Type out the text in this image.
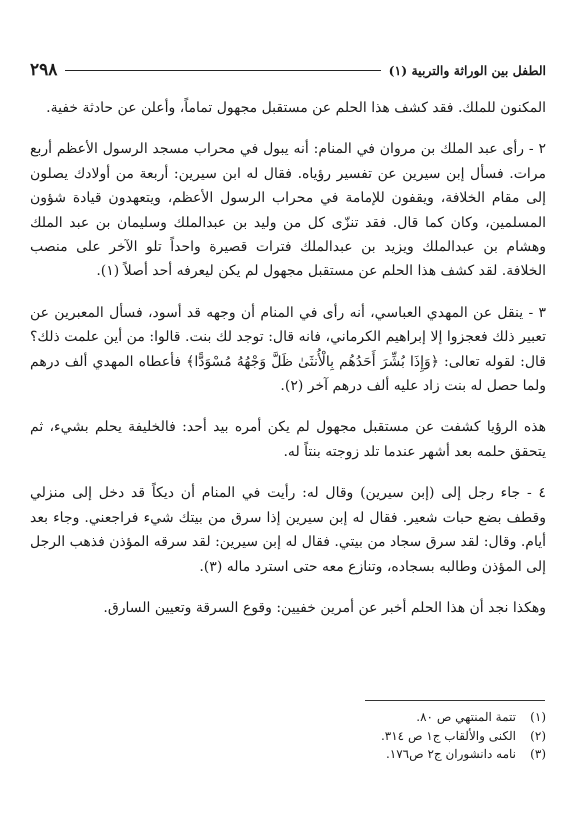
٢٩٨	الطفل بين الوراثة والتربية (١)

المكنون للملك. فقد كشف هذا الحلم عن مستقبل مجهول تماماً، وأعلن عن حادثة خفية.

٢ - رأى عبد الملك بن مروان في المنام: أنه يبول في محراب مسجد الرسول الأعظم أربع مرات. فسأل إبن سيرين عن تفسير رؤياه. فقال له ابن سيرين: أربعة من أولادك يصلون إلى مقام الخلافة، ويقفون للإمامة في محراب الرسول الأعظم، ويتعهدون قيادة شؤون المسلمين، وكان كما قال. فقد تنزّى كل من وليد بن عبدالملك وسليمان بن عبد الملك وهشام بن عبدالملك ويزيد بن عبدالملك فترات قصيرة واحداً تلو الآخر على منصب الخلافة. لقد كشف هذا الحلم عن مستقبل مجهول لم يكن ليعرفه أحد أصلاً (١).

٣ - ينقل عن المهدي العباسي، أنه رأى في المنام أن وجهه قد أسود، فسأل المعبرين عن تعبير ذلك فعجزوا إلا إبراهيم الكرماني، فانه قال: توجد لك بنت. قالوا: من أين علمت ذلك؟ قال: لقوله تعالى: ﴿وَإِذَا بُشِّرَ أَحَدُهُم بِالْأُنثَىٰ ظَلَّ وَجْهُهُ مُسْوَدًّا﴾ فأعطاه المهدي ألف درهم ولما حصل له بنت زاد عليه ألف درهم آخر (٢).

هذه الرؤيا كشفت عن مستقبل مجهول لم يكن أمره بيد أحد: فالخليفة يحلم بشيء، ثم يتحقق حلمه بعد أشهر عندما تلد زوجته بنتاً له.

٤ - جاء رجل إلى (إبن سيرين) وقال له: رأيت في المنام أن ديكاً قد دخل إلى منزلي وقطف بضع حبات شعير. فقال له إبن سيرين إذا سرق من بيتك شيء فراجعني. وجاء بعد أيام. وقال: لقد سرق سجاد من بيتي. فقال له إبن سيرين: لقد سرقه المؤذن فذهب الرجل إلى المؤذن وطالبه بسجاده، وتنازع معه حتى استرد ماله (٣).

وهكذا نجد أن هذا الحلم أخبر عن أمرين خفيين: وقوع السرقة وتعيين السارق.

(١)
تتمة المنتهي ص ٨٠.
(٢)
الكنى والألقاب ج١ ص ٣١٤.
(٣)
نامه دانشوران ج٢ ص١٧٦.
